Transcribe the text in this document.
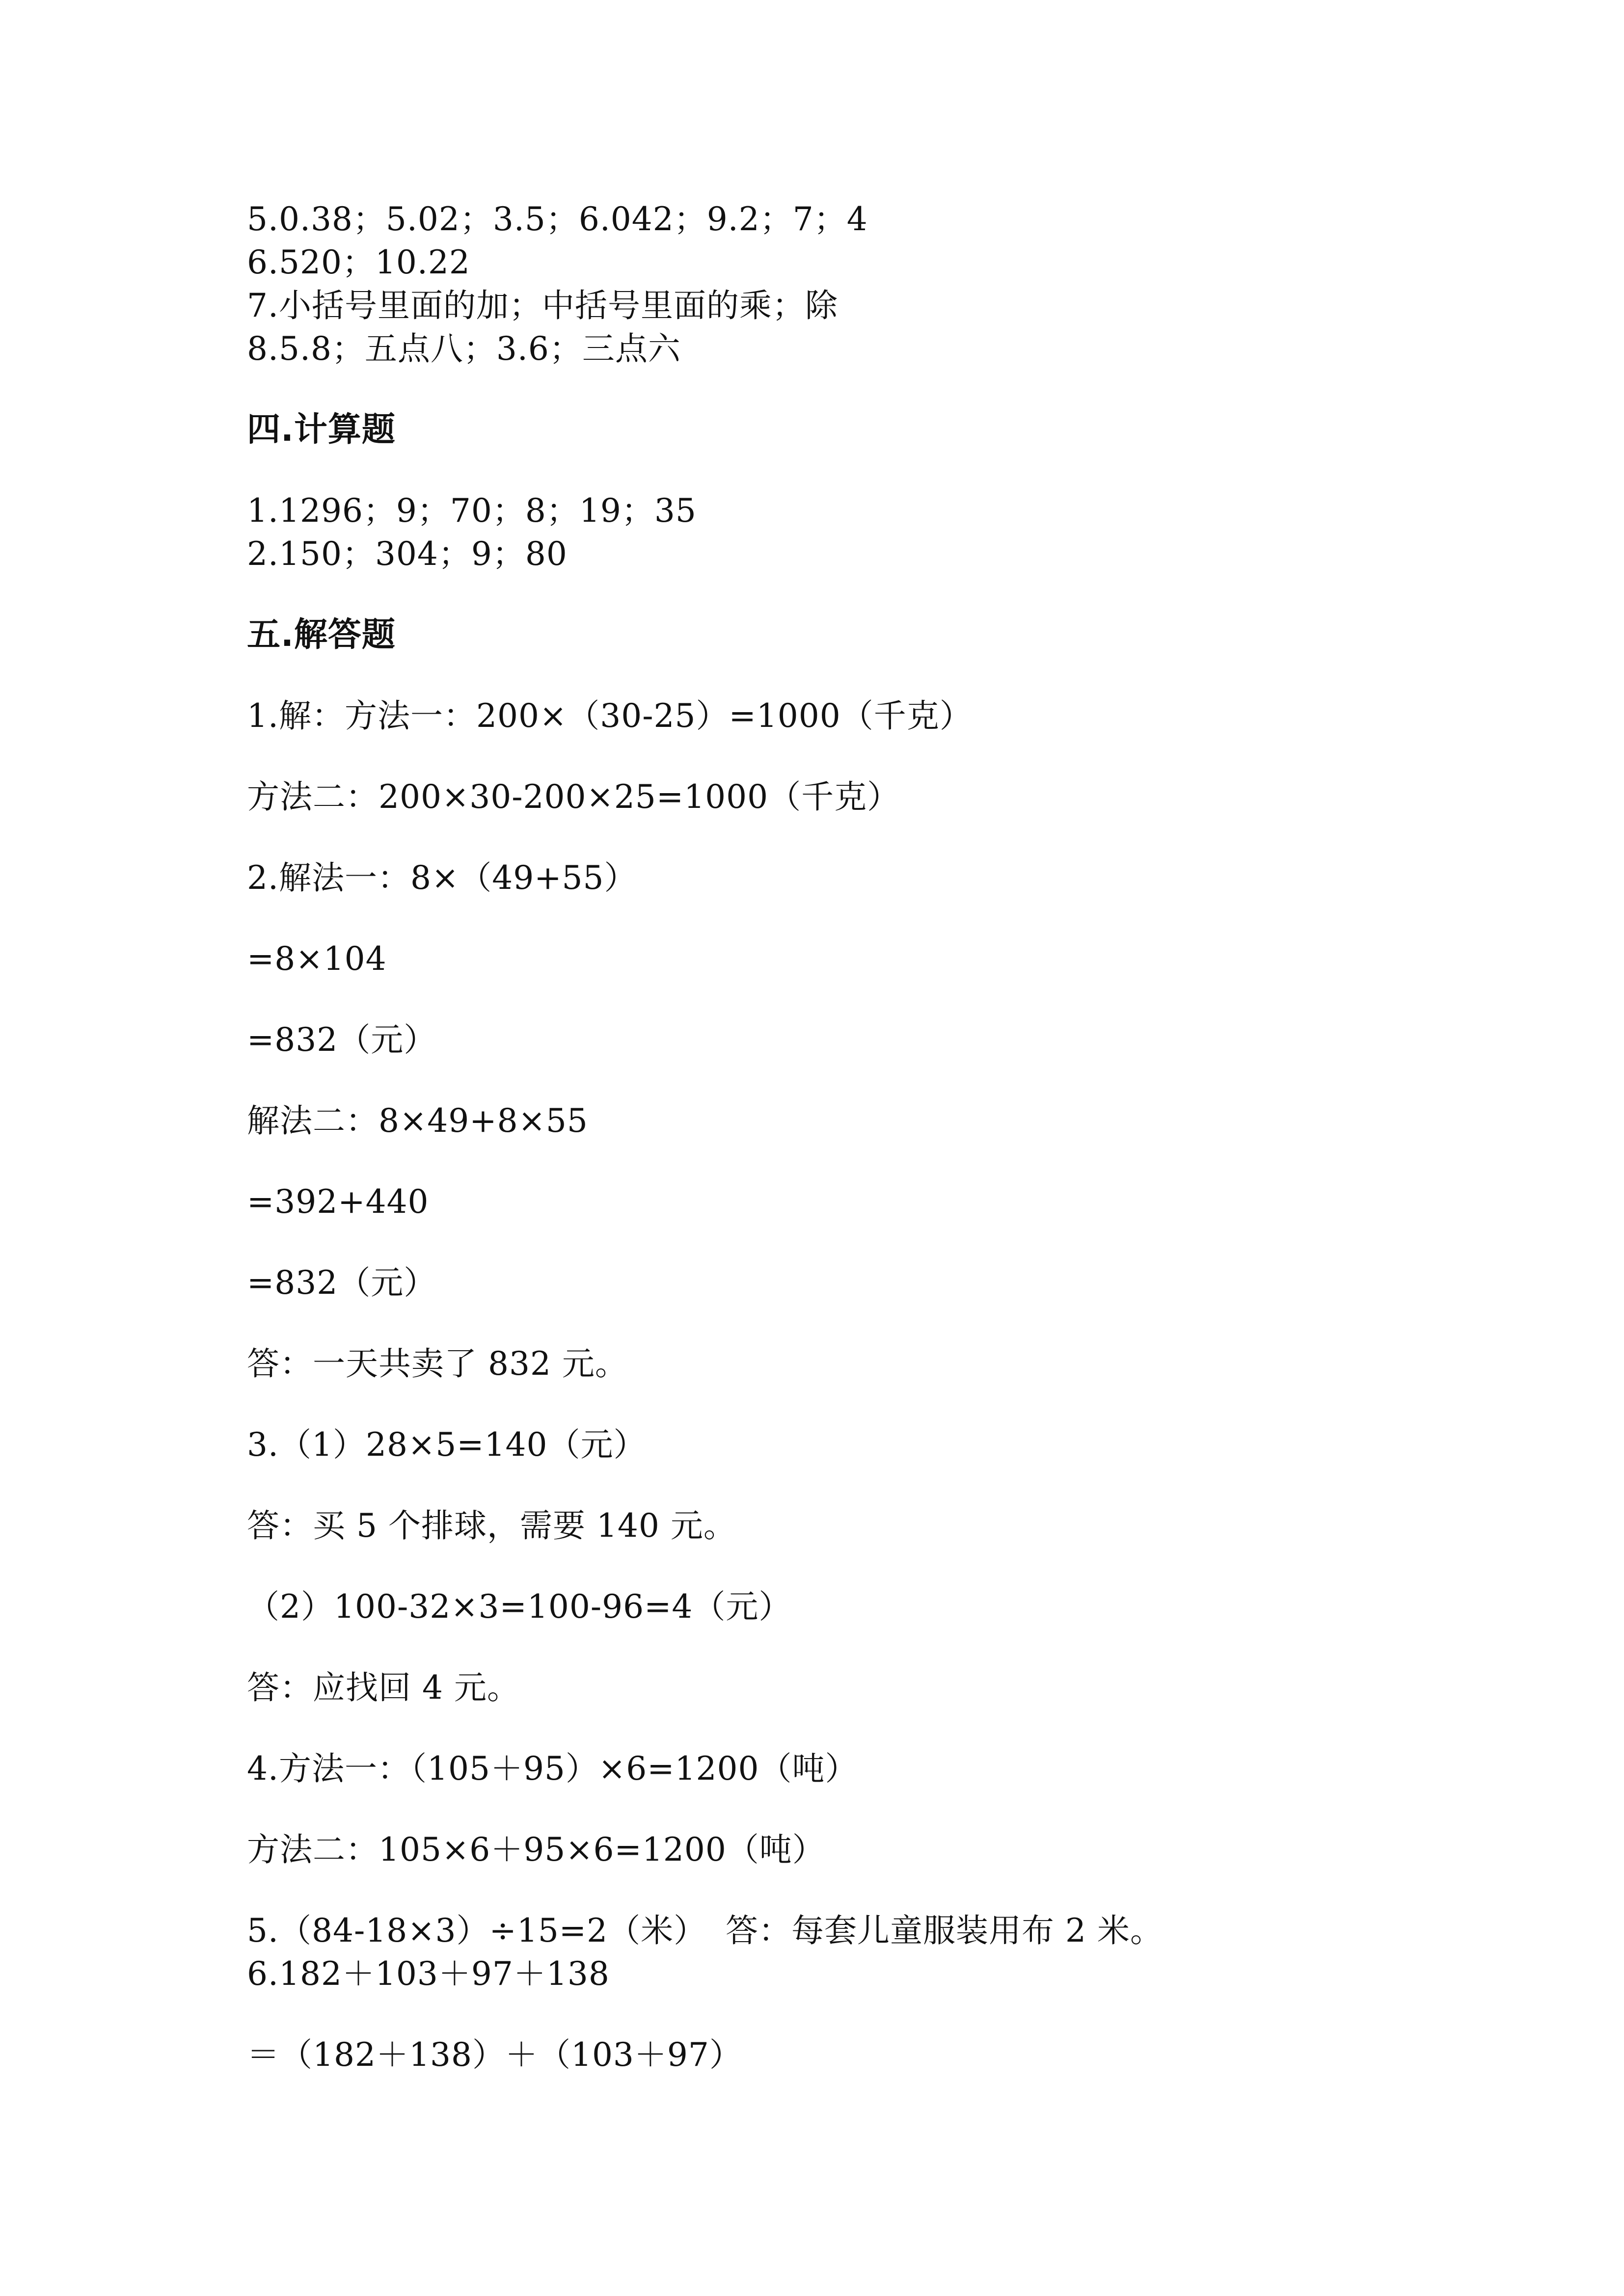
5.0.38；5.02；3.5；6.042；9.2；7；4
6.520；10.22
7.小括号里面的加；中括号里面的乘；除
8.5.8；五点八；3.6；三点六
四.计算题
1.1296；9；70；8；19；35
2.150；304；9；80
五.解答题
1.解：方法一：200×（30-25）=1000（千克）
方法二：200×30-200×25=1000（千克）
2.解法一：8×（49+55）
=8×104
=832（元）
解法二：8×49+8×55
=392+440
=832（元）
答：一天共卖了 832 元。
3.（1）28×5=140（元）
答：买 5 个排球，需要 140 元。
（2）100-32×3=100-96=4（元）
答：应找回 4 元。
4.方法一：（105＋95）×6=1200（吨）
方法二：105×6＋95×6=1200（吨）
5.（84-18×3）÷15=2（米） 答：每套儿童服装用布 2 米。
6.182＋103＋97＋138
＝（182＋138）＋（103＋97）
